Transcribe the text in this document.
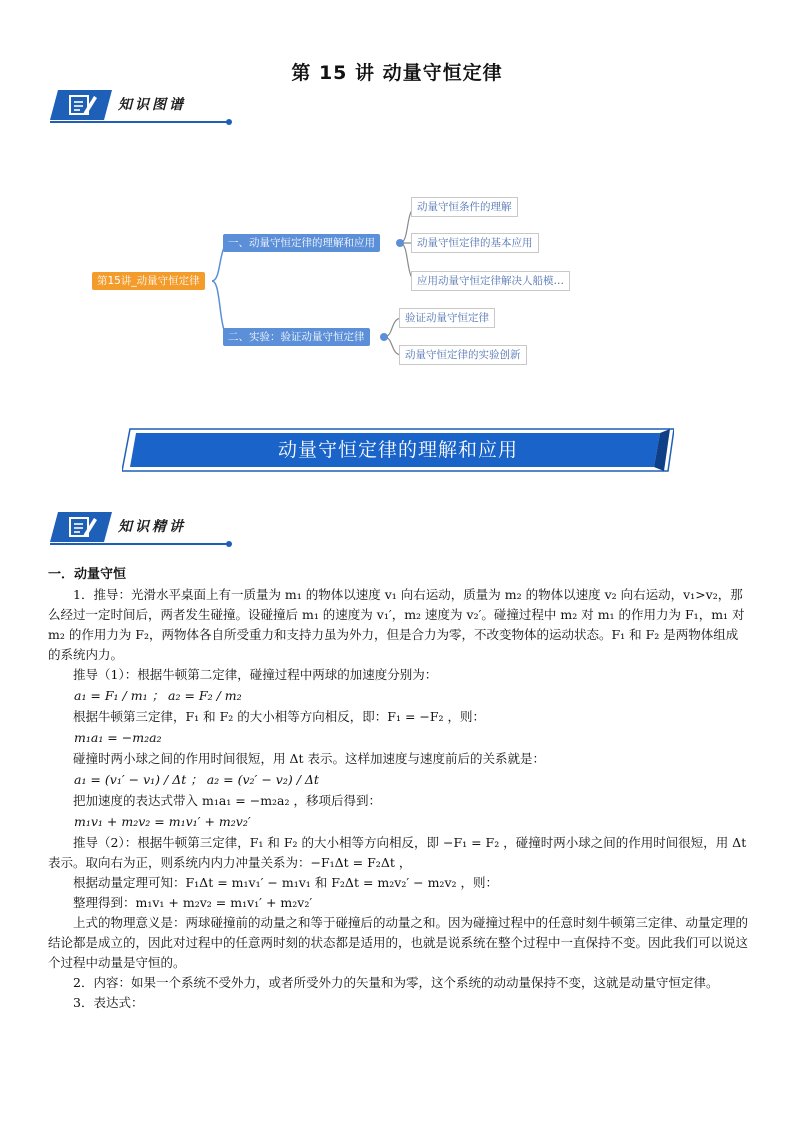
第 15 讲 动量守恒定律
知识图谱
第15讲_动量守恒定律
一、动量守恒定律的理解和应用
二、实验：验证动量守恒定律
动量守恒条件的理解
动量守恒定律的基本应用
应用动量守恒定律解决人船模…
验证动量守恒定律
动量守恒定律的实验创新
动量守恒定律的理解和应用
知识精讲

一．动量守恒

1．推导：光滑水平桌面上有一质量为 m₁ 的物体以速度 v₁ 向右运动，质量为 m₂ 的物体以速度 v₂ 向右运动，v₁>v₂，那么经过一定时间后，两者发生碰撞。设碰撞后 m₁ 的速度为 v₁′，m₂ 速度为 v₂′。碰撞过程中 m₂ 对 m₁ 的作用力为 F₁，m₁ 对 m₂ 的作用力为 F₂，两物体各自所受重力和支持力虽为外力，但是合力为零，不改变物体的运动状态。F₁ 和 F₂ 是两物体组成的系统内力。

推导（1）：根据牛顿第二定律，碰撞过程中两球的加速度分别为：

a₁ = F₁ / m₁ ； a₂ = F₂ / m₂

根据牛顿第三定律，F₁ 和 F₂ 的大小相等方向相反，即：F₁ = −F₂ ，则：

m₁a₁ = −m₂a₂

碰撞时两小球之间的作用时间很短，用 Δt 表示。这样加速度与速度前后的关系就是：

a₁ = (v₁′ − v₁) / Δt ； a₂ = (v₂′ − v₂) / Δt

把加速度的表达式带入 m₁a₁ = −m₂a₂ ，移项后得到：

m₁v₁ + m₂v₂ = m₁v₁′ + m₂v₂′

推导（2）：根据牛顿第三定律，F₁ 和 F₂ 的大小相等方向相反，即 −F₁ = F₂ ，碰撞时两小球之间的作用时间很短，用 Δt 表示。取向右为正，则系统内内力冲量关系为：−F₁Δt = F₂Δt ，

根据动量定理可知：F₁Δt = m₁v₁′ − m₁v₁ 和 F₂Δt = m₂v₂′ − m₂v₂ ，则：

整理得到：m₁v₁ + m₂v₂ = m₁v₁′ + m₂v₂′

上式的物理意义是：两球碰撞前的动量之和等于碰撞后的动量之和。因为碰撞过程中的任意时刻牛顿第三定律、动量定理的结论都是成立的，因此对过程中的任意两时刻的状态都是适用的，也就是说系统在整个过程中一直保持不变。因此我们可以说这个过程中动量是守恒的。

2．内容：如果一个系统不受外力，或者所受外力的矢量和为零，这个系统的动动量保持不变，这就是动量守恒定律。

3．表达式：
